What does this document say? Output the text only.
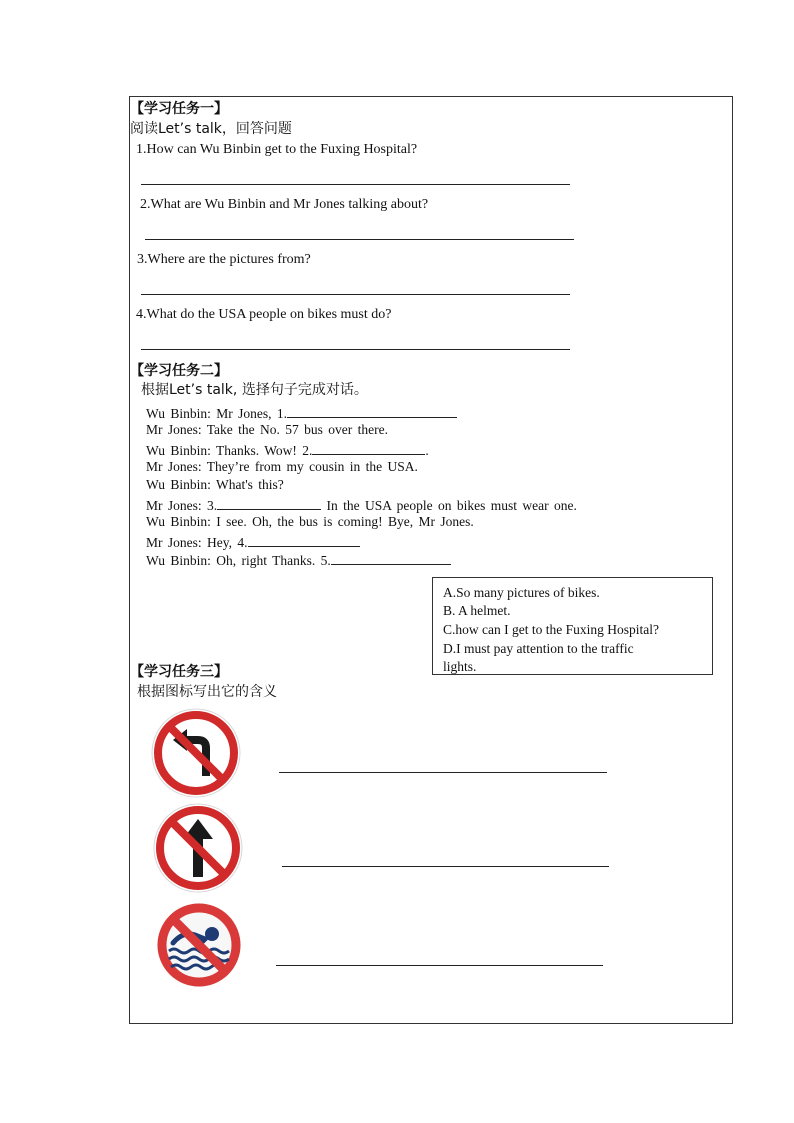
【学习任务一】
阅读Let’s talk，回答问题
1.How can Wu Binbin get to the Fuxing Hospital?
2.What are Wu Binbin and Mr Jones talking about?
3.Where are the pictures from?
4.What do the USA people on bikes must do?
【学习任务二】
根据Let’s talk, 选择句子完成对话。
Wu Binbin: Mr Jones, 1.
Mr Jones: Take the No. 57 bus over there.
Wu Binbin: Thanks. Wow! 2.	.
Mr Jones: They’re from my cousin in the USA.
Wu Binbin: What's this?
Mr Jones: 3.	In the USA people on bikes must wear one.
Wu Binbin: I see. Oh, the bus is coming! Bye, Mr Jones.
Mr Jones: Hey, 4.
Wu Binbin: Oh, right Thanks. 5.
A.So many pictures of bikes.
B. A helmet.
C.how can I get to the Fuxing Hospital?
D.I must pay attention to the traffic
lights.
【学习任务三】
根据图标写出它的含义
